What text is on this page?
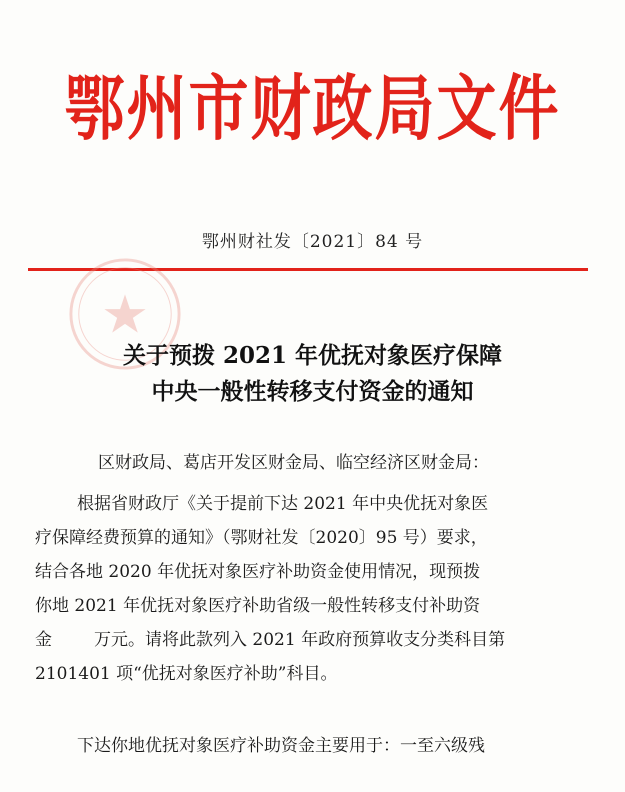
鄂州市财政局文件
鄂州财社发〔2021〕84 号
关于预拨 2021 年优抚对象医疗保障
中央一般性转移支付资金的通知
区财政局、葛店开发区财金局、临空经济区财金局：
根据省财政厅《关于提前下达 2021 年中央优抚对象医
疗保障经费预算的通知》（鄂财社发〔2020〕95 号）要求，
结合各地 2020 年优抚对象医疗补助资金使用情况，现预拨
你地 2021 年优抚对象医疗补助省级一般性转移支付补助资
金 万元。请将此款列入 2021 年政府预算收支分类科目第
2101401 项“优抚对象医疗补助”科目。
下达你地优抚对象医疗补助资金主要用于：一至六级残
